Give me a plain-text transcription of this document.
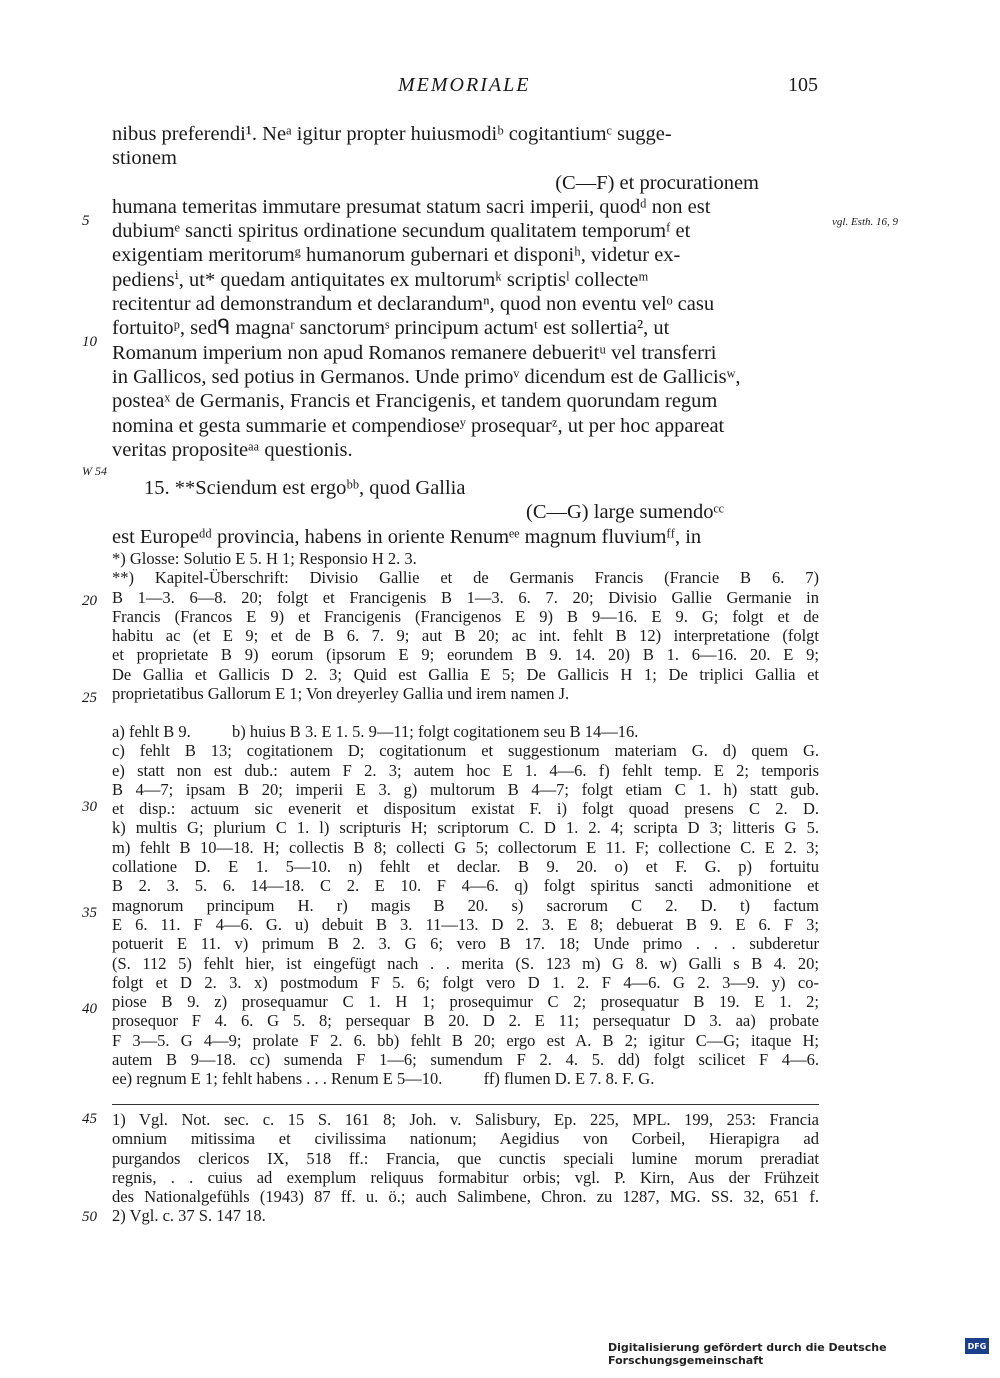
MEMORIALE	105
5
10
20
25
30
35
40
45
50
vgl. Esth. 16, 9
W 54
nibus preferendi¹. Neᵃ igitur propter huiusmodiᵇ cogitantiumᶜ sugge-
stionem
(C—F) et procurationem
humana temeritas immutare presumat statum sacri imperii, quodᵈ non est
dubiumᵉ sancti spiritus ordinatione secundum qualitatem temporumᶠ et
exigentiam meritorumᵍ humanorum gubernari et disponiʰ, videtur ex-
pediensⁱ, ut* quedam antiquitates ex multorumᵏ scriptisˡ collecteᵐ
recitentur ad demonstrandum et declarandumⁿ, quod non eventu velᵒ casu
fortuitoᵖ, sedᑫ magnaʳ sanctorumˢ principum actumᵗ est sollertia², ut
Romanum imperium non apud Romanos remanere debueritᵘ vel transferri
in Gallicos, sed potius in Germanos. Unde primoᵛ dicendum est de Gallicisʷ,
posteaˣ de Germanis, Francis et Francigenis, et tandem quorundam regum
nomina et gesta summarie et compendioseʸ prosequarᶻ, ut per hoc appareat
veritas propositeᵃᵃ questionis.
15. **Sciendum est ergoᵇᵇ, quod Gallia
(C—G) large sumendoᶜᶜ
est Europeᵈᵈ provincia, habens in oriente Renumᵉᵉ magnum fluviumᶠᶠ, in
*) Glosse: Solutio E 5. H 1; Responsio H 2. 3.
**) Kapitel-Überschrift: Divisio Gallie et de Germanis Francis (Francie B 6. 7)
B 1—3. 6—8. 20; folgt et Francigenis B 1—3. 6. 7. 20; Divisio Gallie Germanie in
Francis (Francos E 9) et Francigenis (Francigenos E 9) B 9—16. E 9. G; folgt et de
habitu ac (et E 9; et de B 6. 7. 9; aut B 20; ac int. fehlt B 12) interpretatione (folgt
et proprietate B 9) eorum (ipsorum E 9; eorundem B 9. 14. 20) B 1. 6—16. 20. E 9;
De Gallia et Gallicis D 2. 3; Quid est Gallia E 5; De Gallicis H 1; De triplici Gallia et
proprietatibus Gallorum E 1; Von dreyerley Gallia und irem namen J.
a) fehlt B 9.          b) huius B 3. E 1. 5. 9—11; folgt cogitationem seu B 14—16.
c) fehlt B 13; cogitationem D; cogitationum et suggestionum materiam G. d) quem G.
e) statt non est dub.: autem F 2. 3; autem hoc E 1. 4—6. f) fehlt temp. E 2; temporis
B 4—7; ipsam B 20; imperii E 3. g) multorum B 4—7; folgt etiam C 1. h) statt gub.
et disp.: actuum sic evenerit et dispositum existat F. i) folgt quoad presens C 2. D.
k) multis G; plurium C 1. l) scripturis H; scriptorum C. D 1. 2. 4; scripta D 3; litteris G 5.
m) fehlt B 10—18. H; collectis B 8; collecti G 5; collectorum E 11. F; collectione C. E 2. 3;
collatione D. E 1. 5—10. n) fehlt et declar. B 9. 20. o) et F. G. p) fortuitu
B 2. 3. 5. 6. 14—18. C 2. E 10. F 4—6. q) folgt spiritus sancti admonitione et
magnorum principum H. r) magis B 20. s) sacrorum C 2. D. t) factum
E 6. 11. F 4—6. G. u) debuit B 3. 11—13. D 2. 3. E 8; debuerat B 9. E 6. F 3;
potuerit E 11. v) primum B 2. 3. G 6; vero B 17. 18; Unde primo . . . subderetur
(S. 112 5) fehlt hier, ist eingefügt nach . . merita (S. 123 m) G 8. w) Galli s B 4. 20;
folgt et D 2. 3. x) postmodum F 5. 6; folgt vero D 1. 2. F 4—6. G 2. 3—9. y) co-
piose B 9. z) prosequamur C 1. H 1; prosequimur C 2; prosequatur B 19. E 1. 2;
prosequor F 4. 6. G 5. 8; persequar B 20. D 2. E 11; persequatur D 3. aa) probate
F 3—5. G 4—9; prolate F 2. 6. bb) fehlt B 20; ergo est A. B 2; igitur C—G; itaque H;
autem B 9—18. cc) sumenda F 1—6; sumendum F 2. 4. 5. dd) folgt scilicet F 4—6.
ee) regnum E 1; fehlt habens . . . Renum E 5—10.          ff) flumen D. E 7. 8. F. G.
1) Vgl. Not. sec. c. 15 S. 161 8; Joh. v. Salisbury, Ep. 225, MPL. 199, 253: Francia
omnium mitissima et civilissima nationum; Aegidius von Corbeil, Hierapigra ad
purgandos clericos IX, 518 ff.: Francia, que cunctis speciali lumine morum preradiat
regnis, . . cuius ad exemplum reliquus formabitur orbis; vgl. P. Kirn, Aus der Frühzeit
des Nationalgefühls (1943) 87 ff. u. ö.; auch Salimbene, Chron. zu 1287, MG. SS. 32, 651 f.
2) Vgl. c. 37 S. 147 18.
Digitalisierung gefördert durch die Deutsche Forschungsgemeinschaft
DFG
